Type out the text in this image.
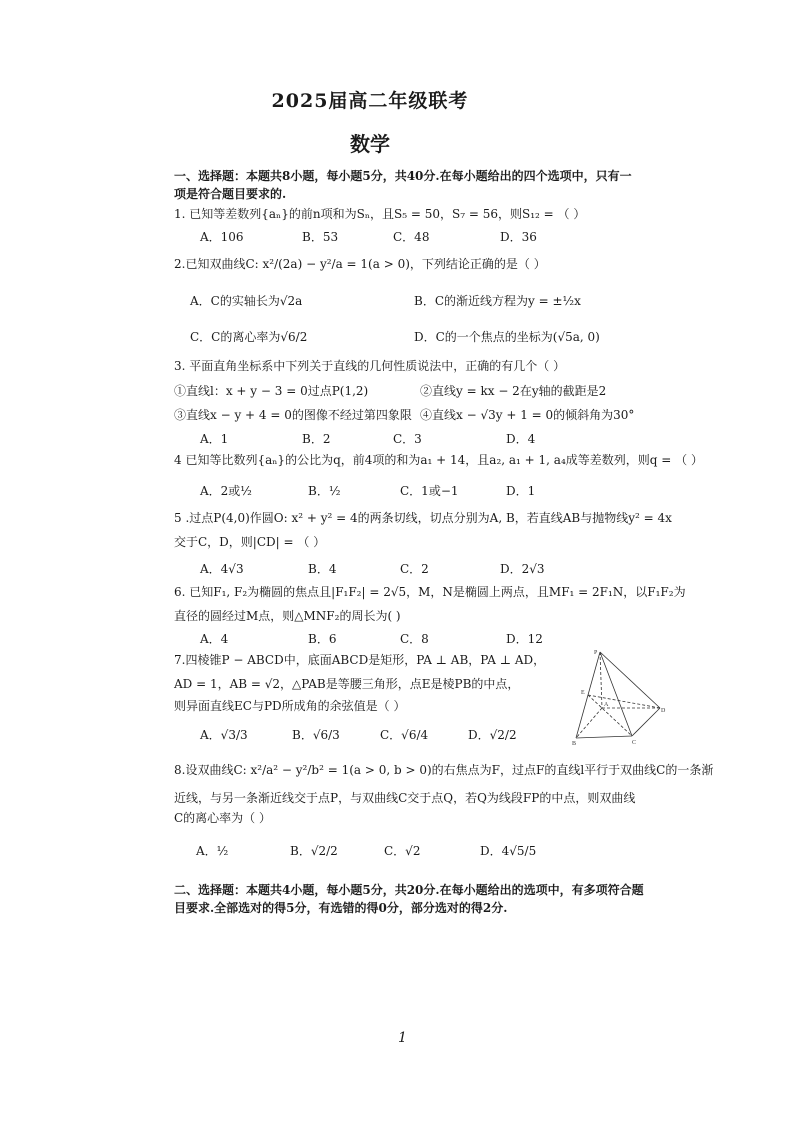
2025届高二年级联考
数学
一、选择题：本题共8小题，每小题5分，共40分.在每小题给出的四个选项中，只有一
项是符合题目要求的.
1. 已知等差数列{aₙ}的前n项和为Sₙ，且S₅ = 50，S₇ = 56，则S₁₂ = （ ）
A．106	B．53	C．48	D．36
2.已知双曲线C: x²/(2a) − y²/a = 1(a > 0)，下列结论正确的是（ ）
A．C的实轴长为√2a	B．C的渐近线方程为y = ±½x
C．C的离心率为√6/2	D．C的一个焦点的坐标为(√5a, 0)
3. 平面直角坐标系中下列关于直线的几何性质说法中，正确的有几个（ ）
①直线l：x + y − 3 = 0过点P(1,2)	②直线y = kx − 2在y轴的截距是2
③直线x − y + 4 = 0的图像不经过第四象限 ④直线x − √3y + 1 = 0的倾斜角为30°
A．1	B．2	C．3	D．4
4 已知等比数列{aₙ}的公比为q，前4项的和为a₁ + 14，且a₂, a₁ + 1, a₄成等差数列，则q = （ ）
A．2或½	B．½	C．1或−1	D．1
5 .过点P(4,0)作圆O: x² + y² = 4的两条切线，切点分别为A, B，若直线AB与抛物线y² = 4x
交于C，D，则|CD| = （ ）
A．4√3	B．4	C．2	D．2√3
6. 已知F₁, F₂为椭圆的焦点且|F₁F₂| = 2√5，M，N是椭圆上两点，且MF₁ = 2F₁N，以F₁F₂为
直径的圆经过M点，则△MNF₂的周长为( )
A．4	B．6	C．8	D．12
7.四棱锥P − ABCD中，底面ABCD是矩形，PA ⊥ AB，PA ⊥ AD，
AD = 1，AB = √2，△PAB是等腰三角形，点E是棱PB的中点，
则异面直线EC与PD所成角的余弦值是（ ）
A．√3/3	B．√6/3	C．√6/4	D．√2/2
P
E
A
B	C
D
8.设双曲线C: x²/a² − y²/b² = 1(a > 0, b > 0)的右焦点为F，过点F的直线l平行于双曲线C的一条渐
近线，与另一条渐近线交于点P，与双曲线C交于点Q，若Q为线段FP的中点，则双曲线
C的离心率为（ ）
A．½	B．√2/2	C．√2	D．4√5/5
二、选择题：本题共4小题，每小题5分，共20分.在每小题给出的选项中，有多项符合题
目要求.全部选对的得5分，有选错的得0分，部分选对的得2分.
1
